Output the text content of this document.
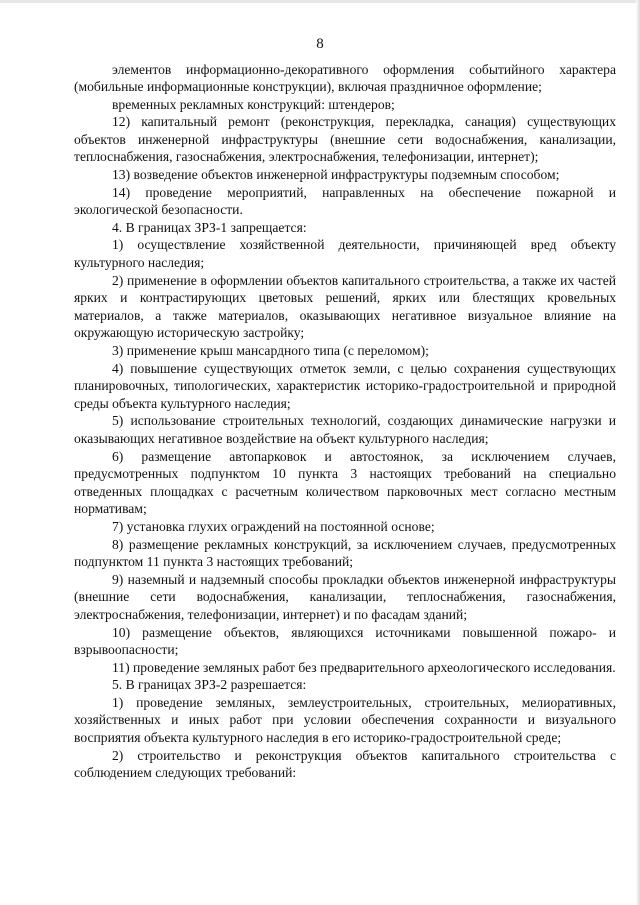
8

элементов информационно-декоративного оформления событийного характера (мобильные информационные конструкции), включая праздничное оформление;

временных рекламных конструкций: штендеров;

12) капитальный ремонт (реконструкция, перекладка, санация) существующих объектов инженерной инфраструктуры (внешние сети водоснабжения, канализации, теплоснабжения, газоснабжения, электроснабжения, телефонизации, интернет);

13) возведение объектов инженерной инфраструктуры подземным способом;

14) проведение мероприятий, направленных на обеспечение пожарной и экологической безопасности.

4. В границах ЗРЗ-1 запрещается:

1) осуществление хозяйственной деятельности, причиняющей вред объекту культурного наследия;

2) применение в оформлении объектов капитального строительства, а также их частей ярких и контрастирующих цветовых решений, ярких или блестящих кровельных материалов, а также материалов, оказывающих негативное визуальное влияние на окружающую историческую застройку;

3) применение крыш мансардного типа (с переломом);

4) повышение существующих отметок земли, с целью сохранения существующих планировочных, типологических, характеристик историко-градостроительной и природной среды объекта культурного наследия;

5) использование строительных технологий, создающих динамические нагрузки и оказывающих негативное воздействие на объект культурного наследия;

6) размещение автопарковок и автостоянок, за исключением случаев, предусмотренных подпунктом 10 пункта 3 настоящих требований на специально отведенных площадках с расчетным количеством парковочных мест согласно местным нормативам;

7) установка глухих ограждений на постоянной основе;

8) размещение рекламных конструкций, за исключением случаев, предусмотренных подпунктом 11 пункта 3 настоящих требований;

9) наземный и надземный способы прокладки объектов инженерной инфраструктуры (внешние сети водоснабжения, канализации, теплоснабжения, газоснабжения, электроснабжения, телефонизации, интернет) и по фасадам зданий;

10) размещение объектов, являющихся источниками повышенной пожаро- и взрывоопасности;

11) проведение земляных работ без предварительного археологического исследования.

5. В границах ЗРЗ-2 разрешается:

1) проведение земляных, землеустроительных, строительных, мелиоративных, хозяйственных и иных работ при условии обеспечения сохранности и визуального восприятия объекта культурного наследия в его историко-градостроительной среде;

2) строительство и реконструкция объектов капитального строительства с соблюдением следующих требований:
